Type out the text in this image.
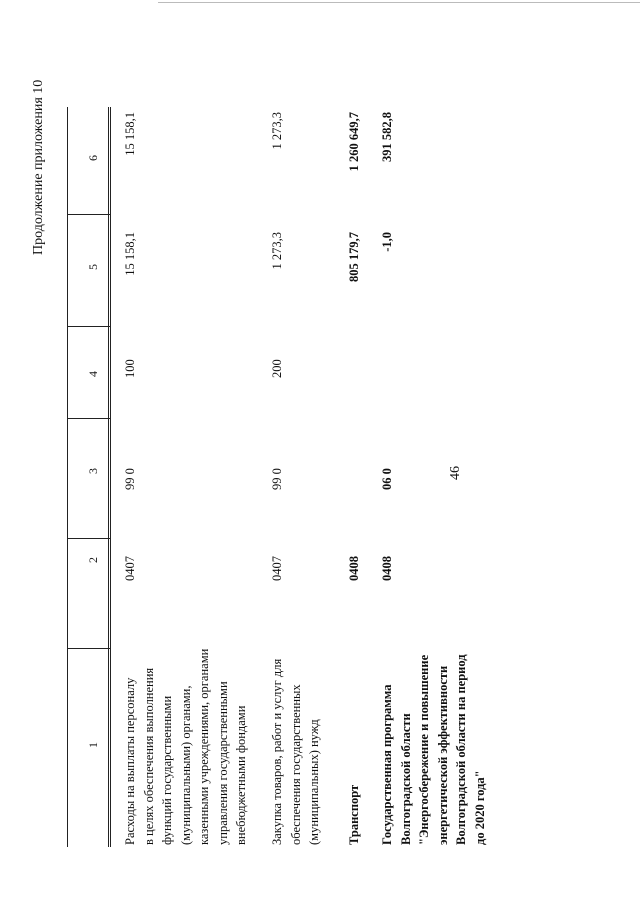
46
Продолжение приложения 10
1
2
3
4
5
6
Расходы на выплаты персоналу в целях обеспечения выполнения функций государственными (муниципальными) органами, казенными учреждениями, органами управления государственными внебюджетными фондами
0407
99 0
100
15 158,1
15 158,1
Закупка товаров, работ и услуг для обеспечения государственных (муниципальных) нужд
0407
99 0
200
1 273,3
1 273,3
Транспорт
0408
805 179,7
1 260 649,7
Государственная программа Волгоградской области "Энергосбережение и повышение энергетической эффективности Волгоградской области на период до 2020 года"
0408
06 0
-1,0
391 582,8
